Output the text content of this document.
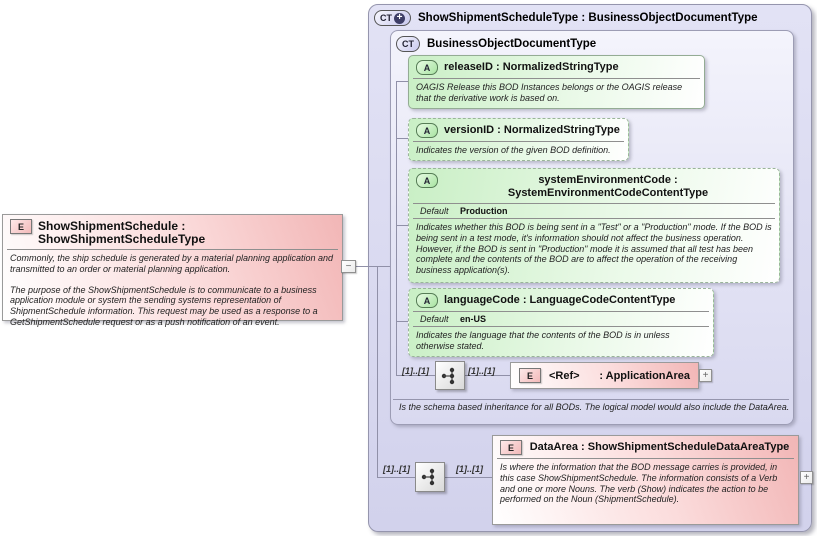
E	ShowShipmentSchedule : ShowShipmentScheduleType
Commonly, the ship schedule is generated by a material planning application and transmitted to an order or material planning application.
The purpose of the ShowShipmentSchedule is to communicate to a business application module or system the sending systems representation of ShipmentSchedule information. This request may be used as a response to a GetShipmentSchedule request or as a push notification of an event.
CT + ShowShipmentScheduleType : BusinessObjectDocumentType
CT BusinessObjectDocumentType
A	releaseID : NormalizedStringType
OAGIS Release this BOD Instances belongs or the OAGIS release that the derivative work is based on.
A	versionID : NormalizedStringType
Indicates the version of the given BOD definition.
A	systemEnvironmentCode : SystemEnvironmentCodeContentType
Default	Production
Indicates whether this BOD is being sent in a "Test" or a "Production" mode. If the BOD is being sent in a test mode, it's information should not affect the business operation. However, if the BOD is sent in "Production" mode it is assumed that all test has been complete and the contents of the BOD are to affect the operation of the receiving business application(s).
A	languageCode : LanguageCodeContentType
Default	en-US
Indicates the language that the contents of the BOD is in unless otherwise stated.
[1]..[1]	[1]..[1]	E	<Ref> : ApplicationArea	+
Is the schema based inheritance for all BODs. The logical model would also include the DataArea.
[1]..[1]	[1]..[1]
E	DataArea : ShowShipmentScheduleDataAreaType
Is where the information that the BOD message carries is provided, in this case ShowShipmentSchedule. The information consists of a Verb and one or more Nouns. The verb (Show) indicates the action to be performed on the Noun (ShipmentSchedule).
+
−
